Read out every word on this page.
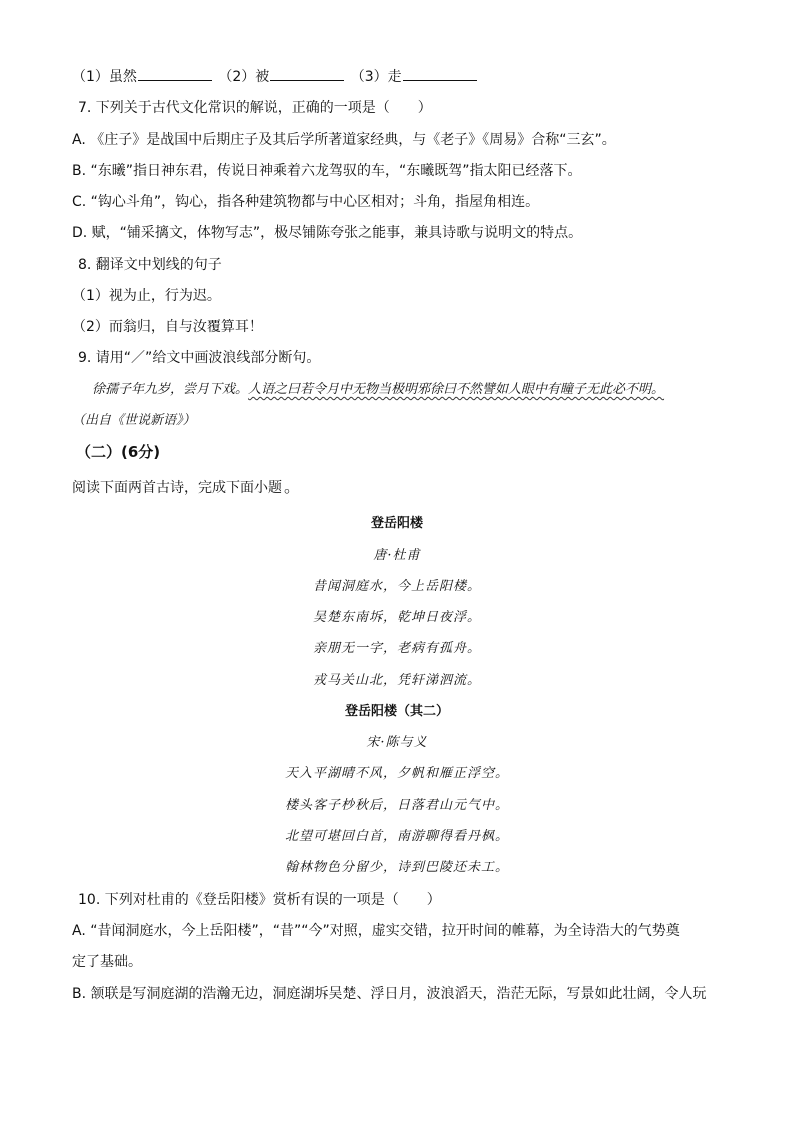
（1）虽然	（2）被	（3）走
7. 下列关于古代文化常识的解说，正确的一项是（　　）
A. 《庄子》是战国中后期庄子及其后学所著道家经典，与《老子》《周易》合称“三玄”。
B. “东曦”指日神东君，传说日神乘着六龙驾驭的车，“东曦既驾”指太阳已经落下。
C. “钩心斗角”，钩心，指各种建筑物都与中心区相对；斗角，指屋角相连。
D. 赋，“铺采摛文，体物写志”，极尽铺陈夸张之能事，兼具诗歌与说明文的特点。
8. 翻译文中划线的句子
（1）视为止，行为迟。
（2）而翁归，自与汝覆算耳！
9. 请用“／”给文中画波浪线部分断句。
徐孺子年九岁，尝月下戏。人语之曰若令月中无物当极明邪徐曰不然譬如人眼中有瞳子无此必不明。
（出自《世说新语》）
（二）(6分)
阅读下面两首古诗，完成下面小题 。
登岳阳楼
唐·杜甫
昔闻洞庭水，今上岳阳楼。
吴楚东南坼，乾坤日夜浮。
亲朋无一字，老病有孤舟。
戎马关山北，凭轩涕泗流。
登岳阳楼（其二）
宋·陈与义
天入平湖晴不风，夕帆和雁正浮空。
楼头客子杪秋后，日落君山元气中。
北望可堪回白首，南游聊得看丹枫。
翰林物色分留少，诗到巴陵还未工。
10. 下列对杜甫的《登岳阳楼》赏析有误的一项是（　　）
A. “昔闻洞庭水，今上岳阳楼”，“昔”“今”对照，虚实交错，拉开时间的帷幕，为全诗浩大的气势奠
定了基础。
B. 颔联是写洞庭湖的浩瀚无边，洞庭湖坼吴楚、浮日月，波浪滔天，浩茫无际，写景如此壮阔，令人玩
